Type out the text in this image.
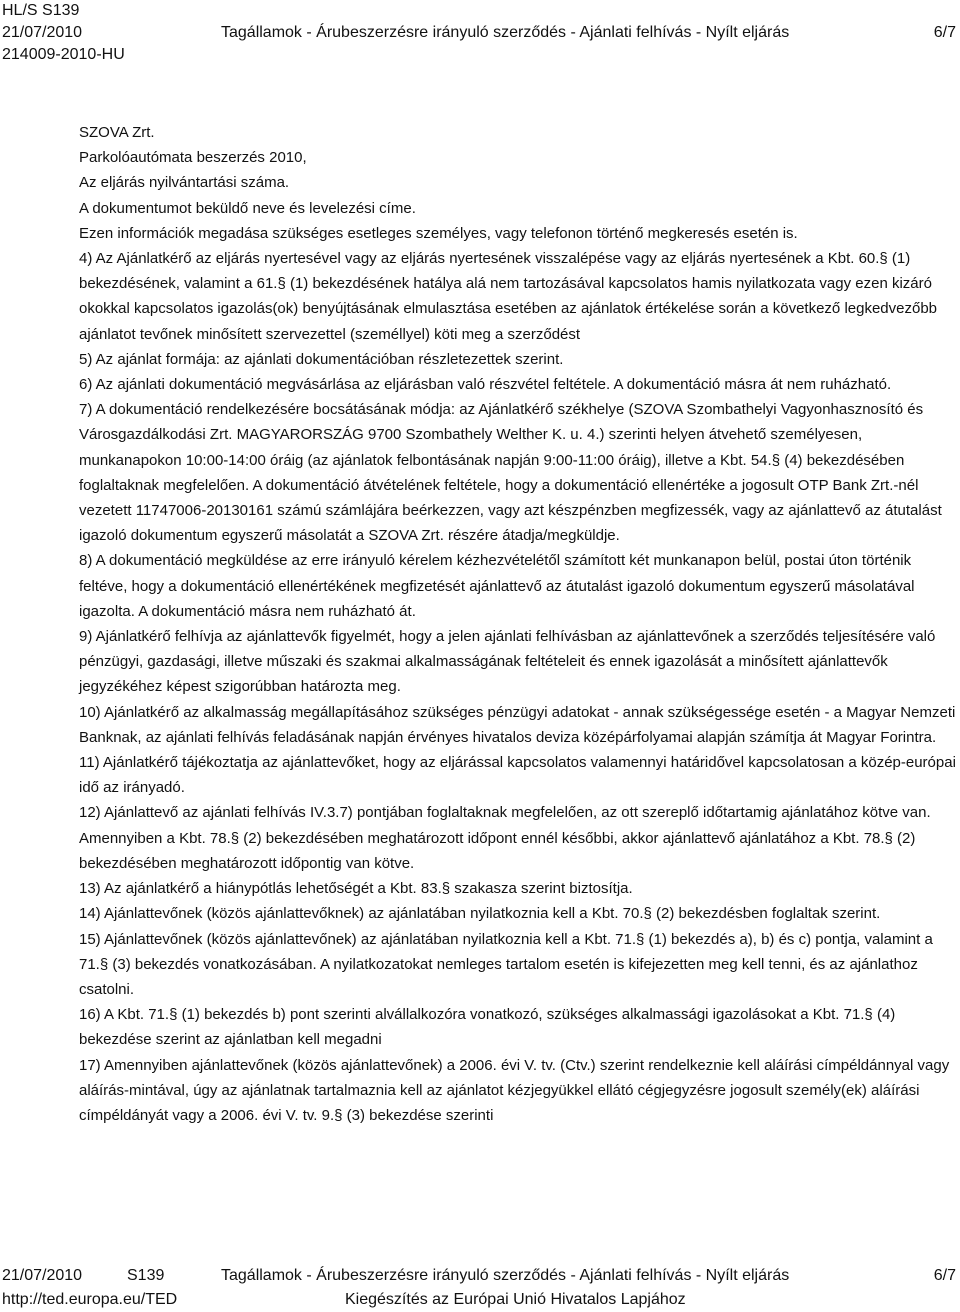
HL/S S139
21/07/2010	Tagállamok - Árubeszerzésre irányuló szerződés - Ajánlati felhívás - Nyílt eljárás	6/7
214009-2010-HU

SZOVA Zrt.

Parkolóautómata beszerzés 2010,

Az eljárás nyilvántartási száma.

A dokumentumot beküldő neve és levelezési címe.

Ezen információk megadása szükséges esetleges személyes, vagy telefonon történő megkeresés esetén is.

4) Az Ajánlatkérő az eljárás nyertesével vagy az eljárás nyertesének visszalépése vagy az eljárás nyertesének a Kbt. 60.§ (1) bekezdésének, valamint a 61.§ (1) bekezdésének hatálya alá nem tartozásával kapcsolatos hamis nyilatkozata vagy ezen kizáró okokkal kapcsolatos igazolás(ok) benyújtásának elmulasztása esetében az ajánlatok értékelése során a következő legkedvezőbb ajánlatot tevőnek minősített szervezettel (személlyel) köti meg a szerződést

5) Az ajánlat formája: az ajánlati dokumentációban részletezettek szerint.

6) Az ajánlati dokumentáció megvásárlása az eljárásban való részvétel feltétele. A dokumentáció másra át nem ruházható.

7) A dokumentáció rendelkezésére bocsátásának módja: az Ajánlatkérő székhelye (SZOVA Szombathelyi Vagyonhasznosító és Városgazdálkodási Zrt. MAGYARORSZÁG 9700 Szombathely Welther K. u. 4.) szerinti helyen átvehető személyesen, munkanapokon 10:00-14:00 óráig (az ajánlatok felbontásának napján 9:00-11:00 óráig), illetve a Kbt. 54.§ (4) bekezdésében foglaltaknak megfelelően. A dokumentáció átvételének feltétele, hogy a dokumentáció ellenértéke a jogosult OTP Bank Zrt.-nél vezetett 11747006-20130161 számú számlájára beérkezzen, vagy azt készpénzben megfizessék, vagy az ajánlattevő az átutalást igazoló dokumentum egyszerű másolatát a SZOVA Zrt. részére átadja/megküldje.

8) A dokumentáció megküldése az erre irányuló kérelem kézhezvételétől számított két munkanapon belül, postai úton történik feltéve, hogy a dokumentáció ellenértékének megfizetését ajánlattevő az átutalást igazoló dokumentum egyszerű másolatával igazolta. A dokumentáció másra nem ruházható át.

9) Ajánlatkérő felhívja az ajánlattevők figyelmét, hogy a jelen ajánlati felhívásban az ajánlattevőnek a szerződés teljesítésére való pénzügyi, gazdasági, illetve műszaki és szakmai alkalmasságának feltételeit és ennek igazolását a minősített ajánlattevők jegyzékéhez képest szigorúbban határozta meg.

10) Ajánlatkérő az alkalmasság megállapításához szükséges pénzügyi adatokat - annak szükségessége esetén - a Magyar Nemzeti Banknak, az ajánlati felhívás feladásának napján érvényes hivatalos deviza középárfolyamai alapján számítja át Magyar Forintra.

11) Ajánlatkérő tájékoztatja az ajánlattevőket, hogy az eljárással kapcsolatos valamennyi határidővel kapcsolatosan a közép-európai idő az irányadó.

12) Ajánlattevő az ajánlati felhívás IV.3.7) pontjában foglaltaknak megfelelően, az ott szereplő időtartamig ajánlatához kötve van. Amennyiben a Kbt. 78.§ (2) bekezdésében meghatározott időpont ennél későbbi, akkor ajánlattevő ajánlatához a Kbt. 78.§ (2) bekezdésében meghatározott időpontig van kötve.

13) Az ajánlatkérő a hiánypótlás lehetőségét a Kbt. 83.§ szakasza szerint biztosítja.

14) Ajánlattevőnek (közös ajánlattevőknek) az ajánlatában nyilatkoznia kell a Kbt. 70.§ (2) bekezdésben foglaltak szerint.

15) Ajánlattevőnek (közös ajánlattevőnek) az ajánlatában nyilatkoznia kell a Kbt. 71.§ (1) bekezdés a), b) és c) pontja, valamint a 71.§ (3) bekezdés vonatkozásában. A nyilatkozatokat nemleges tartalom esetén is kifejezetten meg kell tenni, és az ajánlathoz csatolni.

16) A Kbt. 71.§ (1) bekezdés b) pont szerinti alvállalkozóra vonatkozó, szükséges alkalmassági igazolásokat a Kbt. 71.§ (4) bekezdése szerint az ajánlatban kell megadni

17) Amennyiben ajánlattevőnek (közös ajánlattevőnek) a 2006. évi V. tv. (Ctv.) szerint rendelkeznie kell aláírási címpéldánnyal vagy aláírás-mintával, úgy az ajánlatnak tartalmaznia kell az ajánlatot kézjegyükkel ellátó cégjegyzésre jogosult személy(ek) aláírási címpéldányát vagy a 2006. évi V. tv. 9.§ (3) bekezdése szerinti

21/07/2010	S139	Tagállamok - Árubeszerzésre irányuló szerződés - Ajánlati felhívás - Nyílt eljárás	6/7
http://ted.europa.eu/TED	Kiegészítés az Európai Unió Hivatalos Lapjához
